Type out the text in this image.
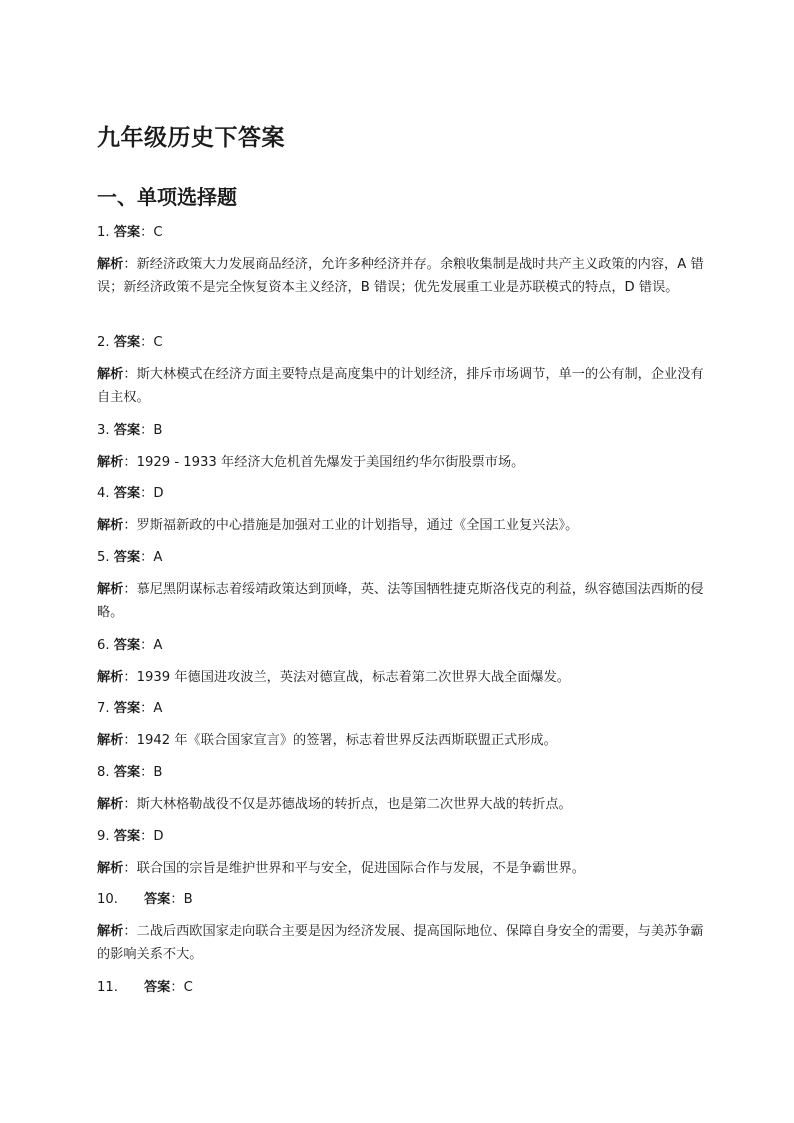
九年级历史下答案
一、单项选择题

1. 答案：C

解析：新经济政策大力发展商品经济，允许多种经济并存。余粮收集制是战时共产主义政策的内容，A 错误；新经济政策不是完全恢复资本主义经济，B 错误；优先发展重工业是苏联模式的特点，D 错误。

2. 答案：C

解析：斯大林模式在经济方面主要特点是高度集中的计划经济，排斥市场调节，单一的公有制，企业没有自主权。

3. 答案：B

解析：1929 - 1933 年经济大危机首先爆发于美国纽约华尔街股票市场。

4. 答案：D

解析：罗斯福新政的中心措施是加强对工业的计划指导，通过《全国工业复兴法》。

5. 答案：A

解析：慕尼黑阴谋标志着绥靖政策达到顶峰，英、法等国牺牲捷克斯洛伐克的利益，纵容德国法西斯的侵略。

6. 答案：A

解析：1939 年德国进攻波兰，英法对德宣战，标志着第二次世界大战全面爆发。

7. 答案：A

解析：1942 年《联合国家宣言》的签署，标志着世界反法西斯联盟正式形成。

8. 答案：B

解析：斯大林格勒战役不仅是苏德战场的转折点，也是第二次世界大战的转折点。

9. 答案：D

解析：联合国的宗旨是维护世界和平与安全，促进国际合作与发展，不是争霸世界。

10. 答案：B

解析：二战后西欧国家走向联合主要是因为经济发展、提高国际地位、保障自身安全的需要，与美苏争霸的影响关系不大。

11. 答案：C
